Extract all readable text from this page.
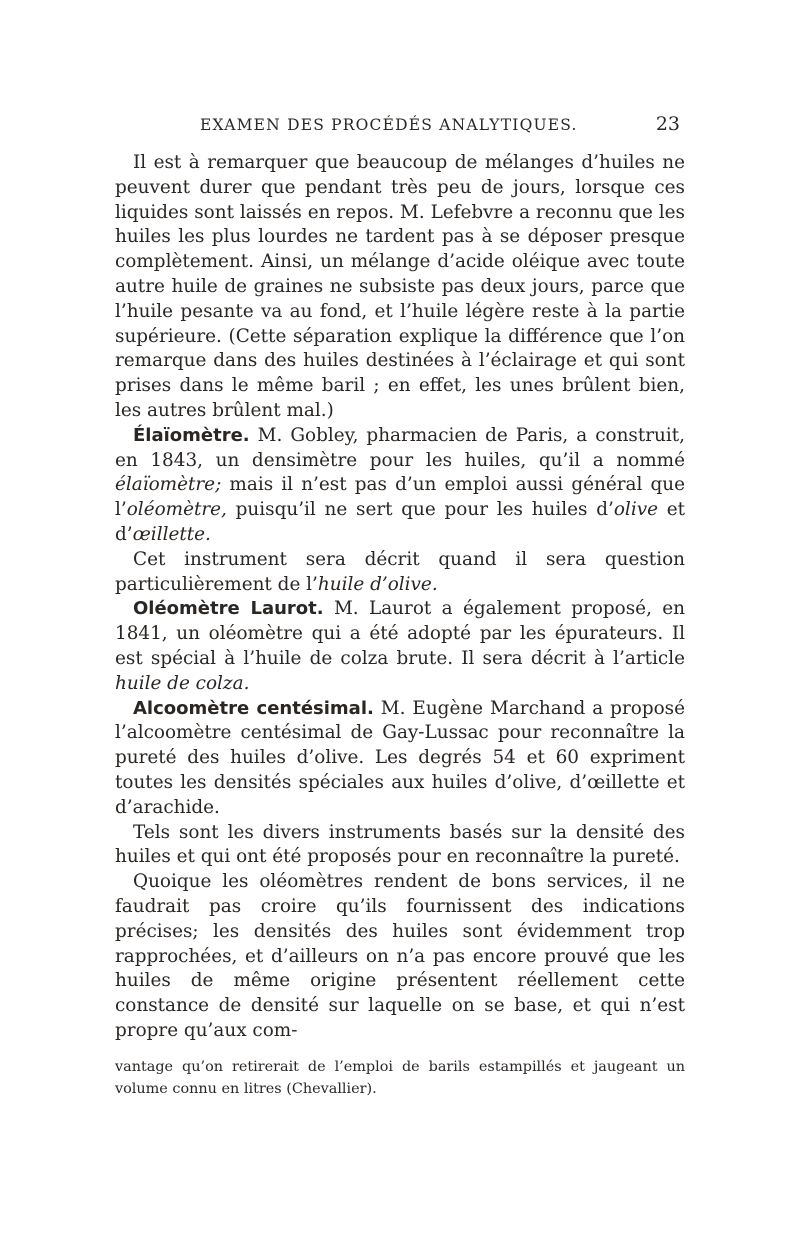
EXAMEN DES PROCÉDÉS ANALYTIQUES.	23

Il est à remarquer que beaucoup de mélanges d’huiles ne peuvent durer que pendant très peu de jours, lorsque ces liquides sont laissés en repos. M. Lefebvre a reconnu que les huiles les plus lourdes ne tardent pas à se déposer presque complètement. Ainsi, un mélange d’acide oléique avec toute autre huile de graines ne subsiste pas deux jours, parce que l’huile pesante va au fond, et l’huile légère reste à la partie supérieure. (Cette séparation explique la différence que l’on remarque dans des huiles destinées à l’éclairage et qui sont prises dans le même baril ; en effet, les unes brûlent bien, les autres brûlent mal.)

Élaïomètre. M. Gobley, pharmacien de Paris, a construit, en 1843, un densimètre pour les huiles, qu’il a nommé élaïomètre; mais il n’est pas d’un emploi aussi général que l’oléomètre, puisqu’il ne sert que pour les huiles d’olive et d’œillette.

Cet instrument sera décrit quand il sera question particulièrement de l’huile d’olive.

Oléomètre Laurot. M. Laurot a également proposé, en 1841, un oléomètre qui a été adopté par les épurateurs. Il est spécial à l’huile de colza brute. Il sera décrit à l’article huile de colza.

Alcoomètre centésimal. M. Eugène Marchand a proposé l’alcoomètre centésimal de Gay-Lussac pour reconnaître la pureté des huiles d’olive. Les degrés 54 et 60 expriment toutes les densités spéciales aux huiles d’olive, d’œillette et d’arachide.

Tels sont les divers instruments basés sur la densité des huiles et qui ont été proposés pour en reconnaître la pureté.

Quoique les oléomètres rendent de bons services, il ne faudrait pas croire qu’ils fournissent des indications précises; les densités des huiles sont évidemment trop rapprochées, et d’ailleurs on n’a pas encore prouvé que les huiles de même origine présentent réellement cette constance de densité sur laquelle on se base, et qui n’est propre qu’aux com-

vantage qu’on retirerait de l’emploi de barils estampillés et jaugeant un volume connu en litres (Chevallier).
